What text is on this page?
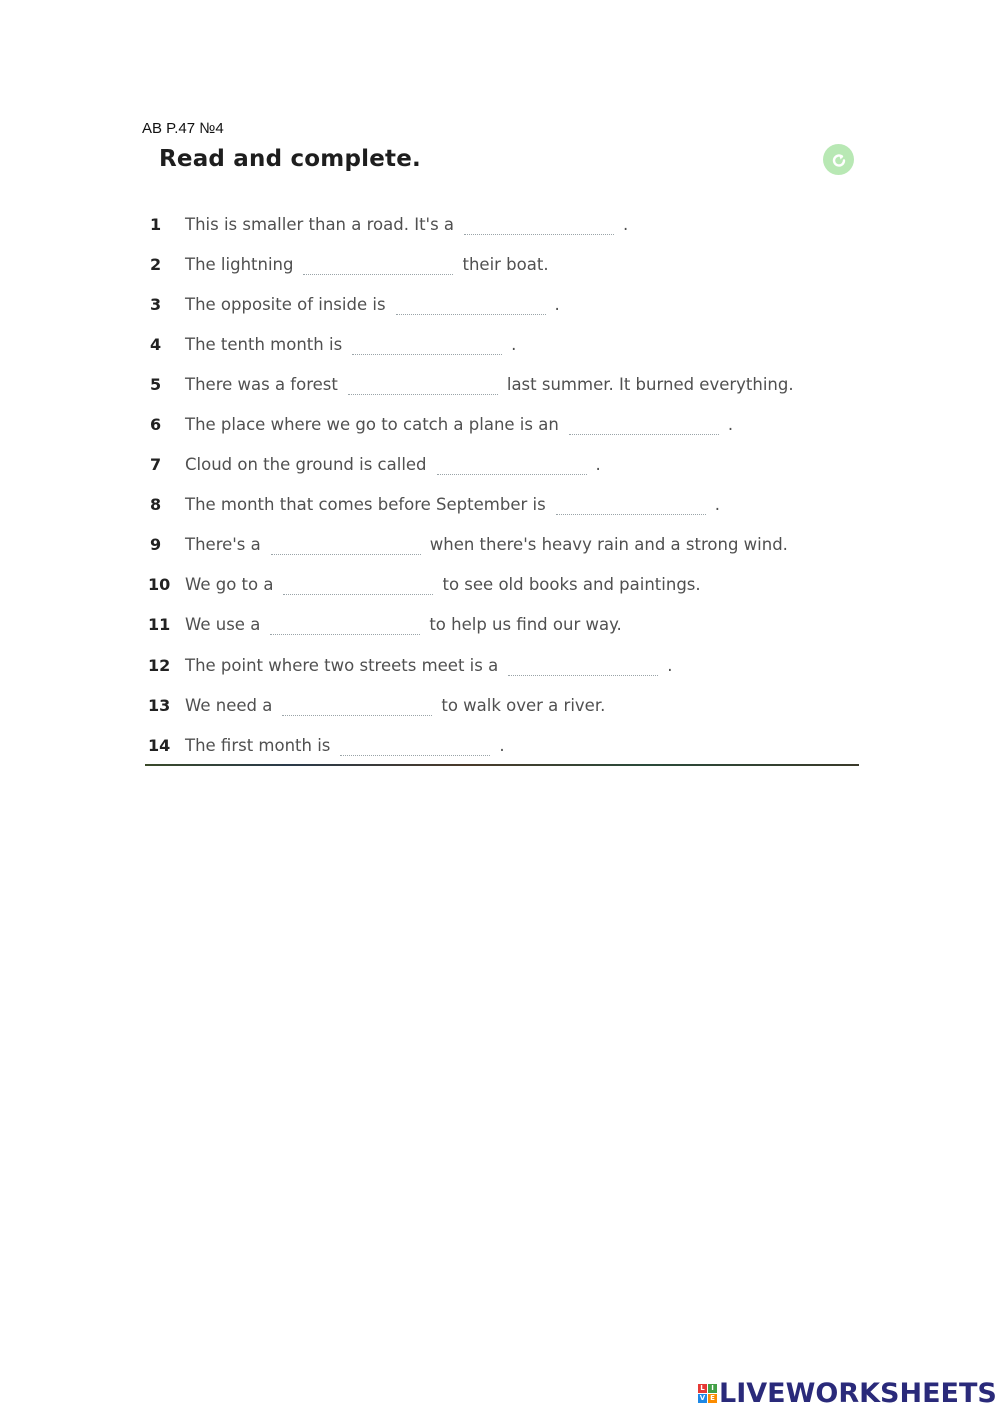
AB P.47 №4
Read and complete.
1	This is smaller than a road. It's a	.
2	The lightning	their boat.
3	The opposite of inside is	.
4	The tenth month is	.
5	There was a forest	last summer. It burned everything.
6	The place where we go to catch a plane is an	.
7	Cloud on the ground is called	.
8	The month that comes before September is	.
9	There's a	when there's heavy rain and a strong wind.
10 We go to a	to see old books and paintings.
11 We use a	to help us find our way.
12 The point where two streets meet is a	.
13 We need a	to walk over a river.
14 The first month is	.
L I
V E LIVEWORKSHEETS
